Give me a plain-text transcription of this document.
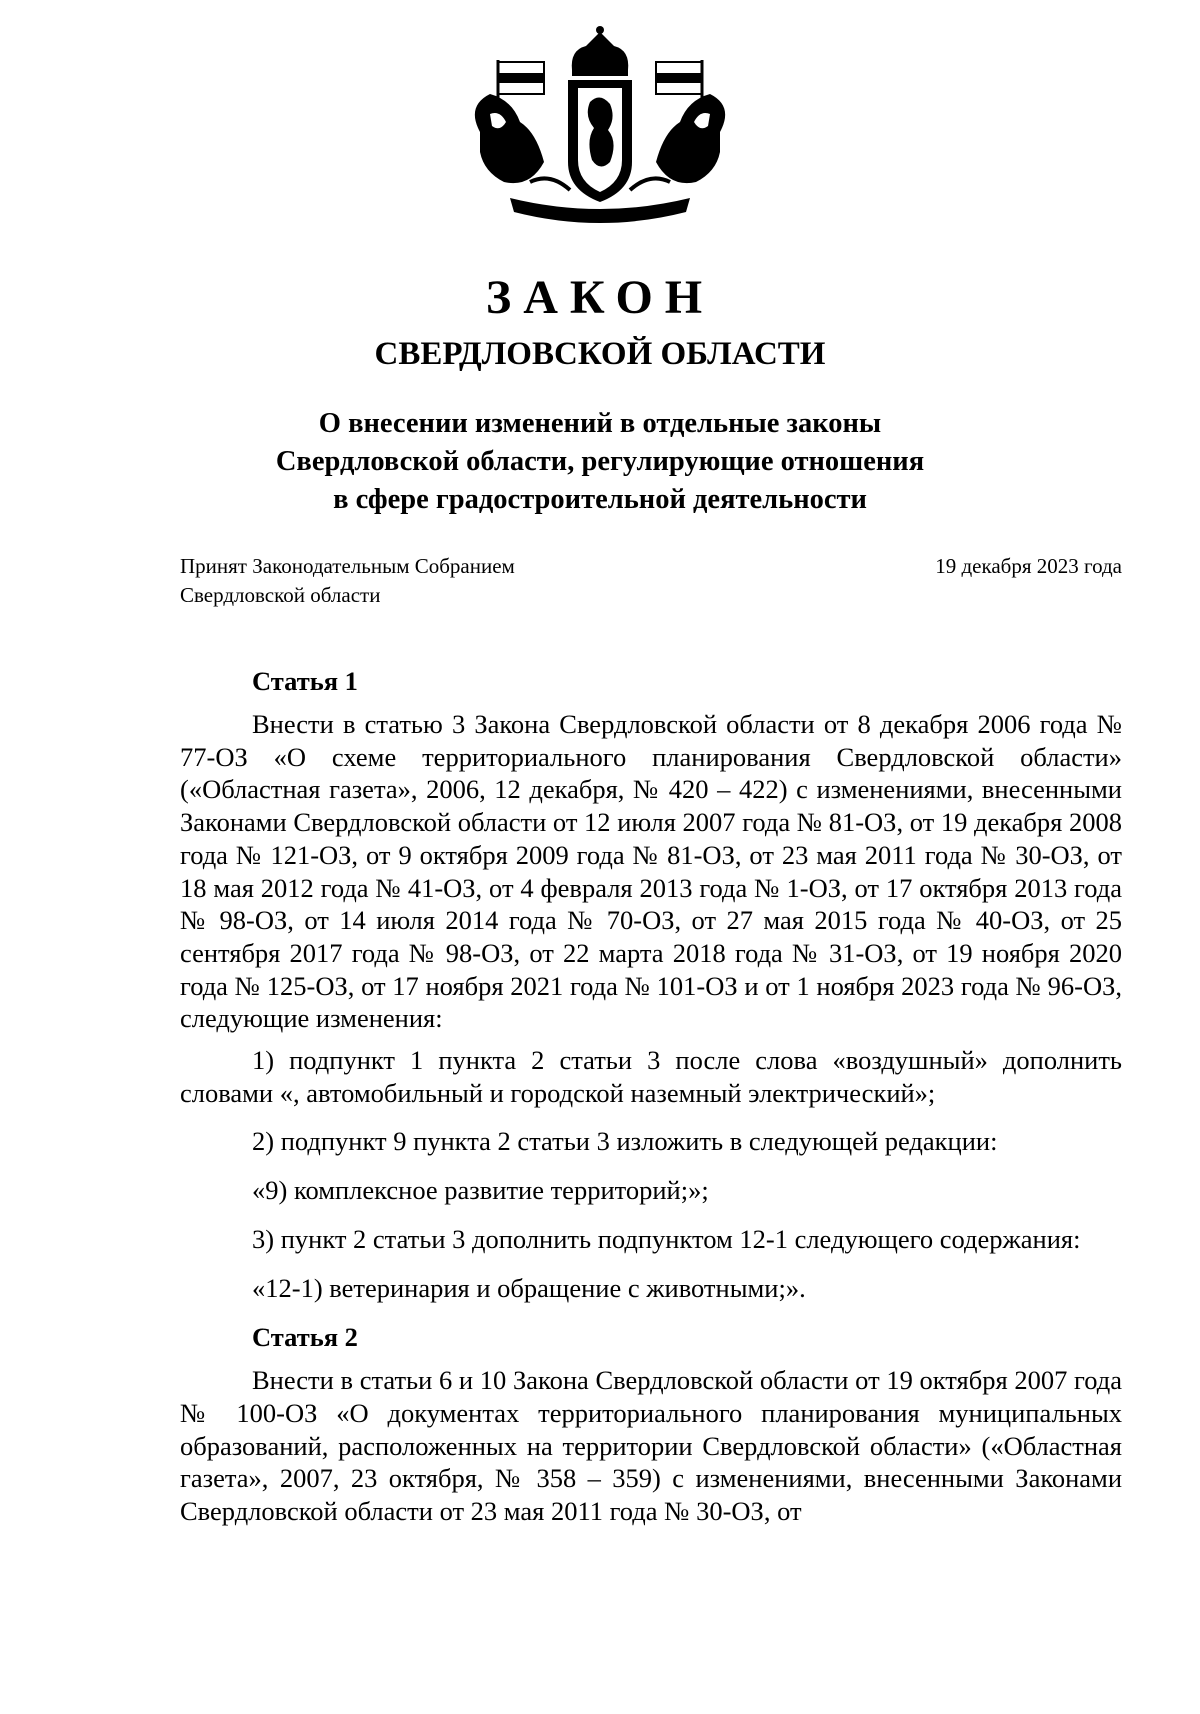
ЗАКОН
СВЕРДЛОВСКОЙ ОБЛАСТИ
О внесении изменений в отдельные законы
Свердловской области, регулирующие отношения
в сфере градостроительной деятельности
Принят Законодательным Собранием
Свердловской области
19 декабря 2023 года

Статья 1

Внести в статью 3 Закона Свердловской области от 8 декабря 2006 года № 77-ОЗ «О схеме территориального планирования Свердловской области» («Областная газета», 2006, 12 декабря, № 420 – 422) с изменениями, внесенными Законами Свердловской области от 12 июля 2007 года № 81-ОЗ, от 19 декабря 2008 года № 121-ОЗ, от 9 октября 2009 года № 81-ОЗ, от 23 мая 2011 года № 30-ОЗ, от 18 мая 2012 года № 41-ОЗ, от 4 февраля 2013 года № 1-ОЗ, от 17 октября 2013 года № 98-ОЗ, от 14 июля 2014 года № 70-ОЗ, от 27 мая 2015 года № 40-ОЗ, от 25 сентября 2017 года № 98-ОЗ, от 22 марта 2018 года № 31-ОЗ, от 19 ноября 2020 года № 125-ОЗ, от 17 ноября 2021 года № 101-ОЗ и от 1 ноября 2023 года № 96-ОЗ, следующие изменения:

1) подпункт 1 пункта 2 статьи 3 после слова «воздушный» дополнить словами «, автомобильный и городской наземный электрический»;

2) подпункт 9 пункта 2 статьи 3 изложить в следующей редакции:

«9) комплексное развитие территорий;»;

3) пункт 2 статьи 3 дополнить подпунктом 12-1 следующего содержания:

«12-1) ветеринария и обращение с животными;».

Статья 2

Внести в статьи 6 и 10 Закона Свердловской области от 19 октября 2007 года № 100-ОЗ «О документах территориального планирования муниципальных образований, расположенных на территории Свердловской области» («Областная газета», 2007, 23 октября, № 358 – 359) с изменениями, внесенными Законами Свердловской области от 23 мая 2011 года № 30-ОЗ, от
